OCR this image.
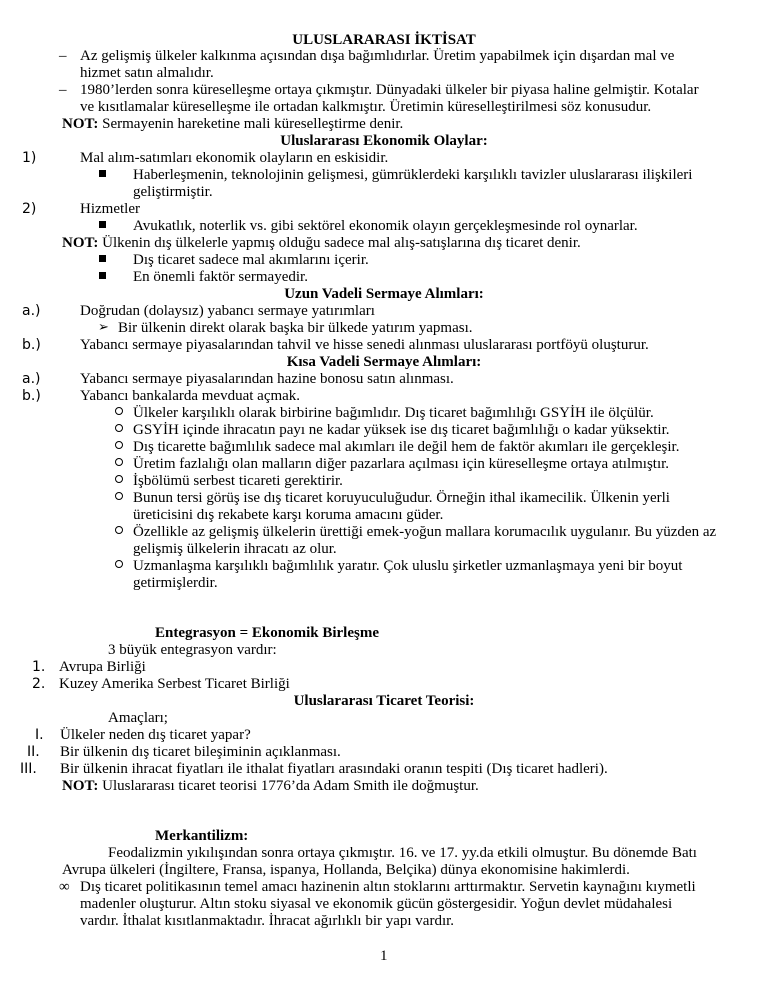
ULUSLARARASI İKTİSAT
– Az gelişmiş ülkeler kalkınma açısından dışa bağımlıdırlar. Üretim yapabilmek için dışardan mal ve
hizmet satın almalıdır.
– 1980’lerden sonra küreselleşme ortaya çıkmıştır. Dünyadaki ülkeler bir piyasa haline gelmiştir. Kotalar
ve kısıtlamalar küreselleşme ile ortadan kalkmıştır. Üretimin küreselleştirilmesi söz konusudur.
NOT: Sermayenin hareketine mali küreselleştirme denir.
Uluslararası Ekonomik Olaylar:
1)	Mal alım-satımları ekonomik olayların en eskisidir.
Haberleşmenin, teknolojinin gelişmesi, gümrüklerdeki karşılıklı tavizler uluslararası ilişkileri
geliştirmiştir.
2)	Hizmetler
Avukatlık, noterlik vs. gibi sektörel ekonomik olayın gerçekleşmesinde rol oynarlar.
NOT: Ülkenin dış ülkelerle yapmış olduğu sadece mal alış-satışlarına dış ticaret denir.
Dış ticaret sadece mal akımlarını içerir.
En önemli faktör sermayedir.
Uzun Vadeli Sermaye Alımları:
a.)	Doğrudan (dolaysız) yabancı sermaye yatırımları
➢ Bir ülkenin direkt olarak başka bir ülkede yatırım yapması.
b.)	Yabancı sermaye piyasalarından tahvil ve hisse senedi alınması uluslararası portföyü oluşturur.
Kısa Vadeli Sermaye Alımları:
a.)	Yabancı sermaye piyasalarından hazine bonosu satın alınması.
b.)	Yabancı bankalarda mevduat açmak.
Ülkeler karşılıklı olarak birbirine bağımlıdır. Dış ticaret bağımlılığı GSYİH ile ölçülür.
GSYİH içinde ihracatın payı ne kadar yüksek ise dış ticaret bağımlılığı o kadar yüksektir.
Dış ticarette bağımlılık sadece mal akımları ile değil hem de faktör akımları ile gerçekleşir.
Üretim fazlalığı olan malların diğer pazarlara açılması için küreselleşme ortaya atılmıştır.
İşbölümü serbest ticareti gerektirir.
Bunun tersi görüş ise dış ticaret koruyuculuğudur. Örneğin ithal ikamecilik. Ülkenin yerli
üreticisini dış rekabete karşı koruma amacını güder.
Özellikle az gelişmiş ülkelerin ürettiği emek-yoğun mallara korumacılık uygulanır. Bu yüzden az
gelişmiş ülkelerin ihracatı az olur.
Uzmanlaşma karşılıklı bağımlılık yaratır. Çok uluslu şirketler uzmanlaşmaya yeni bir boyut
getirmişlerdir.
Entegrasyon = Ekonomik Birleşme
3 büyük entegrasyon vardır:
1. Avrupa Birliği
2. Kuzey Amerika Serbest Ticaret Birliği
Uluslararası Ticaret Teorisi:
Amaçları;
I. Ülkeler neden dış ticaret yapar?
II. Bir ülkenin dış ticaret bileşiminin açıklanması.
III. Bir ülkenin ihracat fiyatları ile ithalat fiyatları arasındaki oranın tespiti (Dış ticaret hadleri).
NOT: Uluslararası ticaret teorisi 1776’da Adam Smith ile doğmuştur.
Merkantilizm:
Feodalizmin yıkılışından sonra ortaya çıkmıştır. 16. ve 17. yy.da etkili olmuştur. Bu dönemde Batı
Avrupa ülkeleri (İngiltere, Fransa, ispanya, Hollanda, Belçika) dünya ekonomisine hakimlerdi.
∞ Dış ticaret politikasının temel amacı hazinenin altın stoklarını arttırmaktır. Servetin kaynağını kıymetli
madenler oluşturur. Altın stoku siyasal ve ekonomik gücün göstergesidir. Yoğun devlet müdahalesi
vardır. İthalat kısıtlanmaktadır. İhracat ağırlıklı bir yapı vardır.
1
